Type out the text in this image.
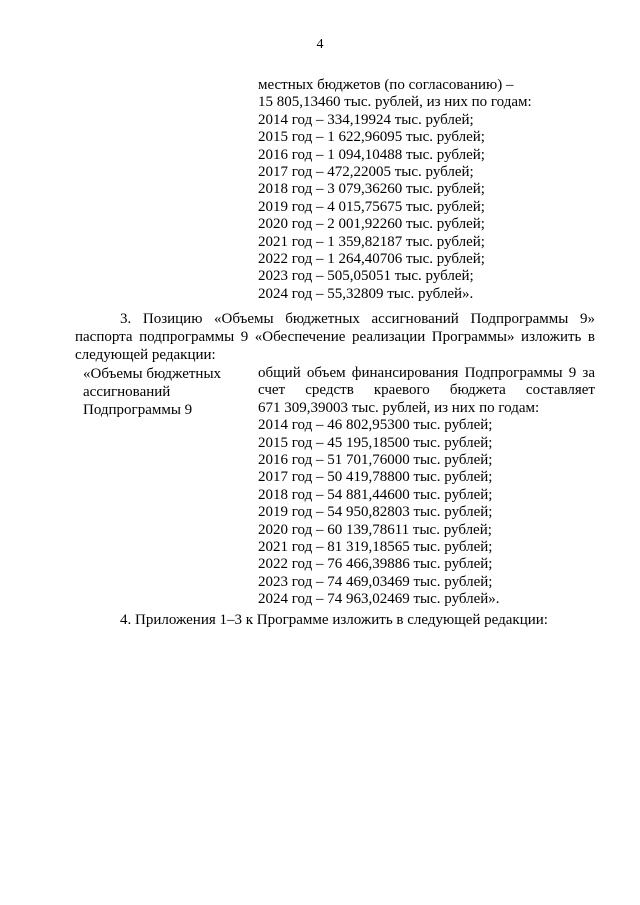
4
местных бюджетов (по согласованию) –
15 805,13460 тыс. рублей, из них по годам:
2014 год – 334,19924 тыс. рублей;
2015 год – 1 622,96095 тыс. рублей;
2016 год – 1 094,10488 тыс. рублей;
2017 год – 472,22005 тыс. рублей;
2018 год – 3 079,36260 тыс. рублей;
2019 год – 4 015,75675 тыс. рублей;
2020 год – 2 001,92260 тыс. рублей;
2021 год – 1 359,82187 тыс. рублей;
2022 год – 1 264,40706 тыс. рублей;
2023 год – 505,05051 тыс. рублей;
2024 год – 55,32809 тыс. рублей».
3. Позицию «Объемы бюджетных ассигнований Подпрограммы 9»
паспорта подпрограммы 9 «Обеспечение реализации Программы» изложить в
следующей редакции:
«Объемы бюджетных
ассигнований
Подпрограммы 9
общий объем финансирования Подпрограммы 9 за
счет средств краевого бюджета составляет
671 309,39003 тыс. рублей, из них по годам:
2014 год – 46 802,95300 тыс. рублей;
2015 год – 45 195,18500 тыс. рублей;
2016 год – 51 701,76000 тыс. рублей;
2017 год – 50 419,78800 тыс. рублей;
2018 год – 54 881,44600 тыс. рублей;
2019 год – 54 950,82803 тыс. рублей;
2020 год – 60 139,78611 тыс. рублей;
2021 год – 81 319,18565 тыс. рублей;
2022 год – 76 466,39886 тыс. рублей;
2023 год – 74 469,03469 тыс. рублей;
2024 год – 74 963,02469 тыс. рублей».
4. Приложения 1–3 к Программе изложить в следующей редакции:
